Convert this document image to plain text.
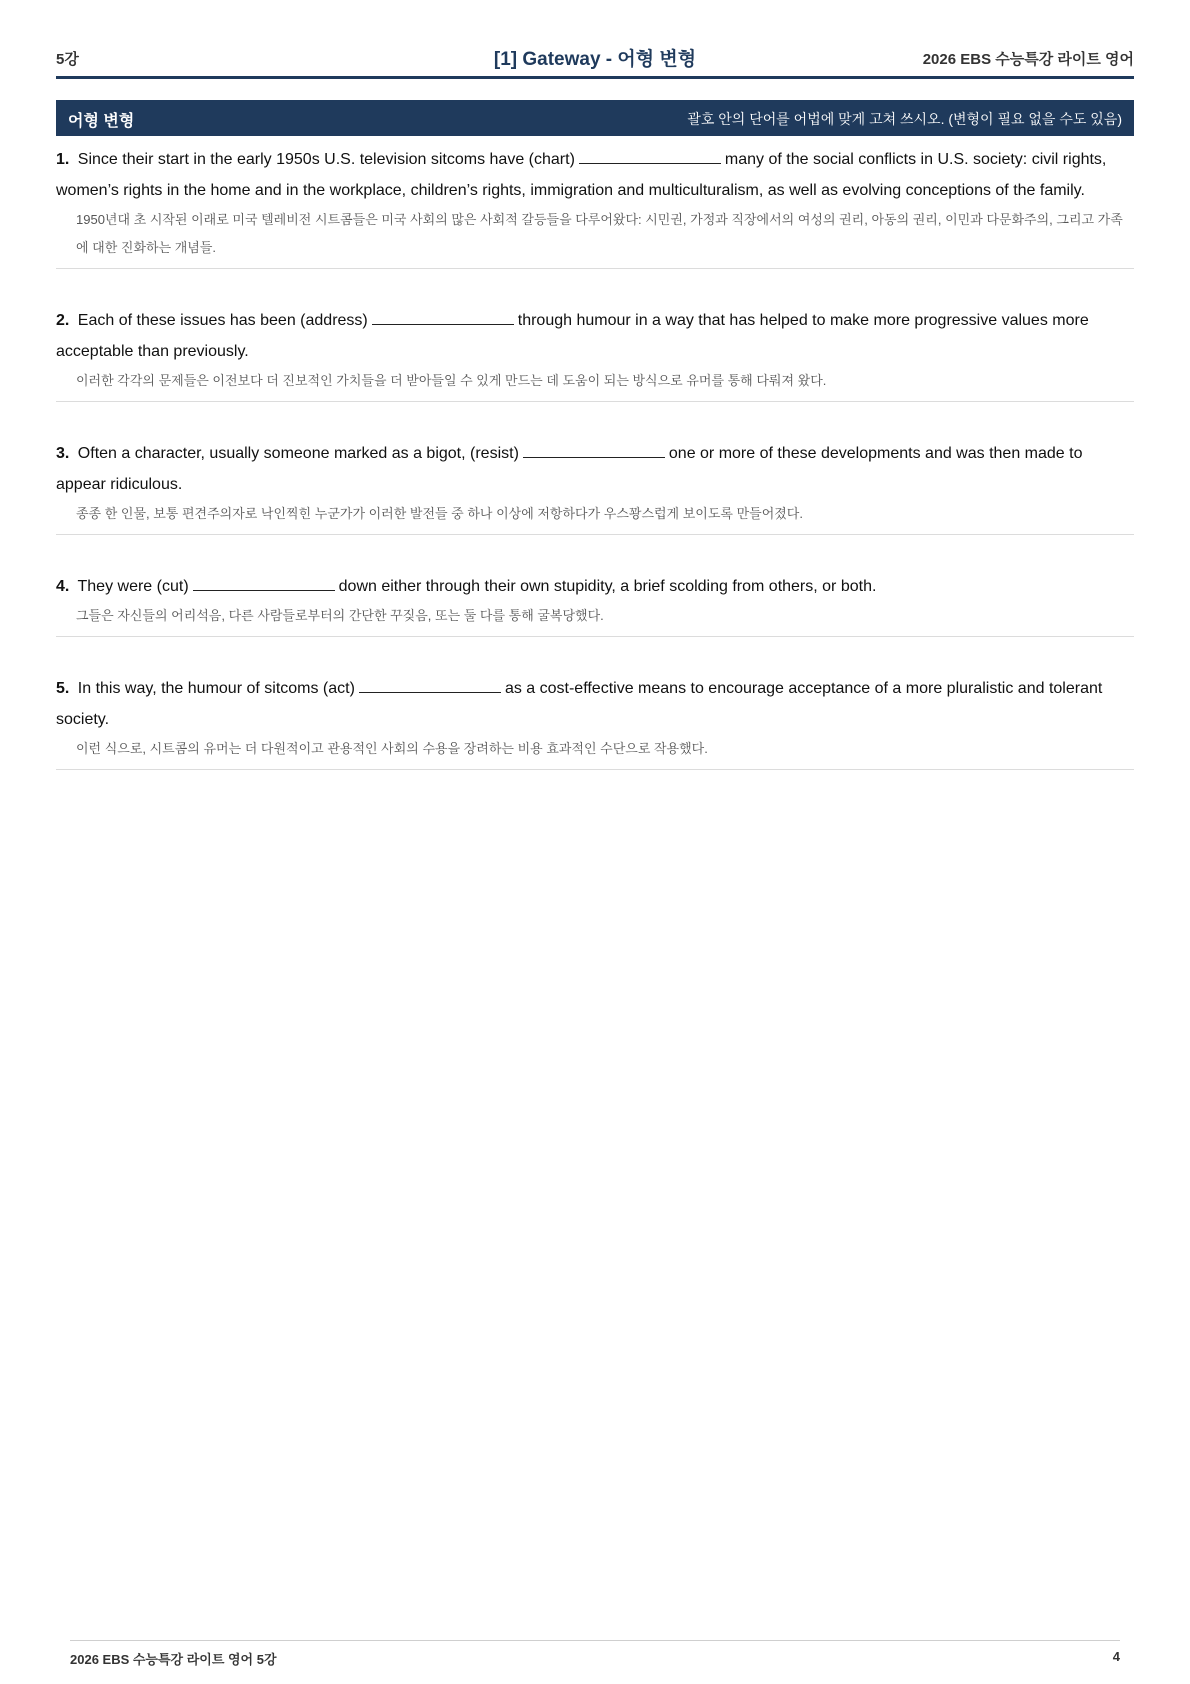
5강	[1] Gateway - 어형 변형	2026 EBS 수능특강 라이트 영어
어형 변형	괄호 안의 단어를 어법에 맞게 고쳐 쓰시오. (변형이 필요 없을 수도 있음)
1. Since their start in the early 1950s U.S. television sitcoms have (chart)	many of the social conflicts in U.S. society: civil rights, women’s rights in the home and in the workplace, children’s rights, immigration and multiculturalism, as well as evolving conceptions of the family.
1950년대 초 시작된 이래로 미국 텔레비전 시트콤들은 미국 사회의 많은 사회적 갈등들을 다루어왔다: 시민권, 가정과 직장에서의 여성의 권리, 아동의 권리, 이민과 다문화주의, 그리고 가족에 대한 진화하는 개념들.
2. Each of these issues has been (address)	through humour in a way that has helped to make more progressive values more acceptable than previously.
이러한 각각의 문제들은 이전보다 더 진보적인 가치들을 더 받아들일 수 있게 만드는 데 도움이 되는 방식으로 유머를 통해 다뤄져 왔다.
3. Often a character, usually someone marked as a bigot, (resist)	one or more of these developments and was then made to appear ridiculous.
종종 한 인물, 보통 편견주의자로 낙인찍힌 누군가가 이러한 발전들 중 하나 이상에 저항하다가 우스꽝스럽게 보이도록 만들어졌다.
4. They were (cut)	down either through their own stupidity, a brief scolding from others, or both.
그들은 자신들의 어리석음, 다른 사람들로부터의 간단한 꾸짖음, 또는 둘 다를 통해 굴복당했다.
5. In this way, the humour of sitcoms (act)	as a cost-effective means to encourage acceptance of a more pluralistic and tolerant society.
이런 식으로, 시트콤의 유머는 더 다원적이고 관용적인 사회의 수용을 장려하는 비용 효과적인 수단으로 작용했다.
2026 EBS 수능특강 라이트 영어 5강	4
